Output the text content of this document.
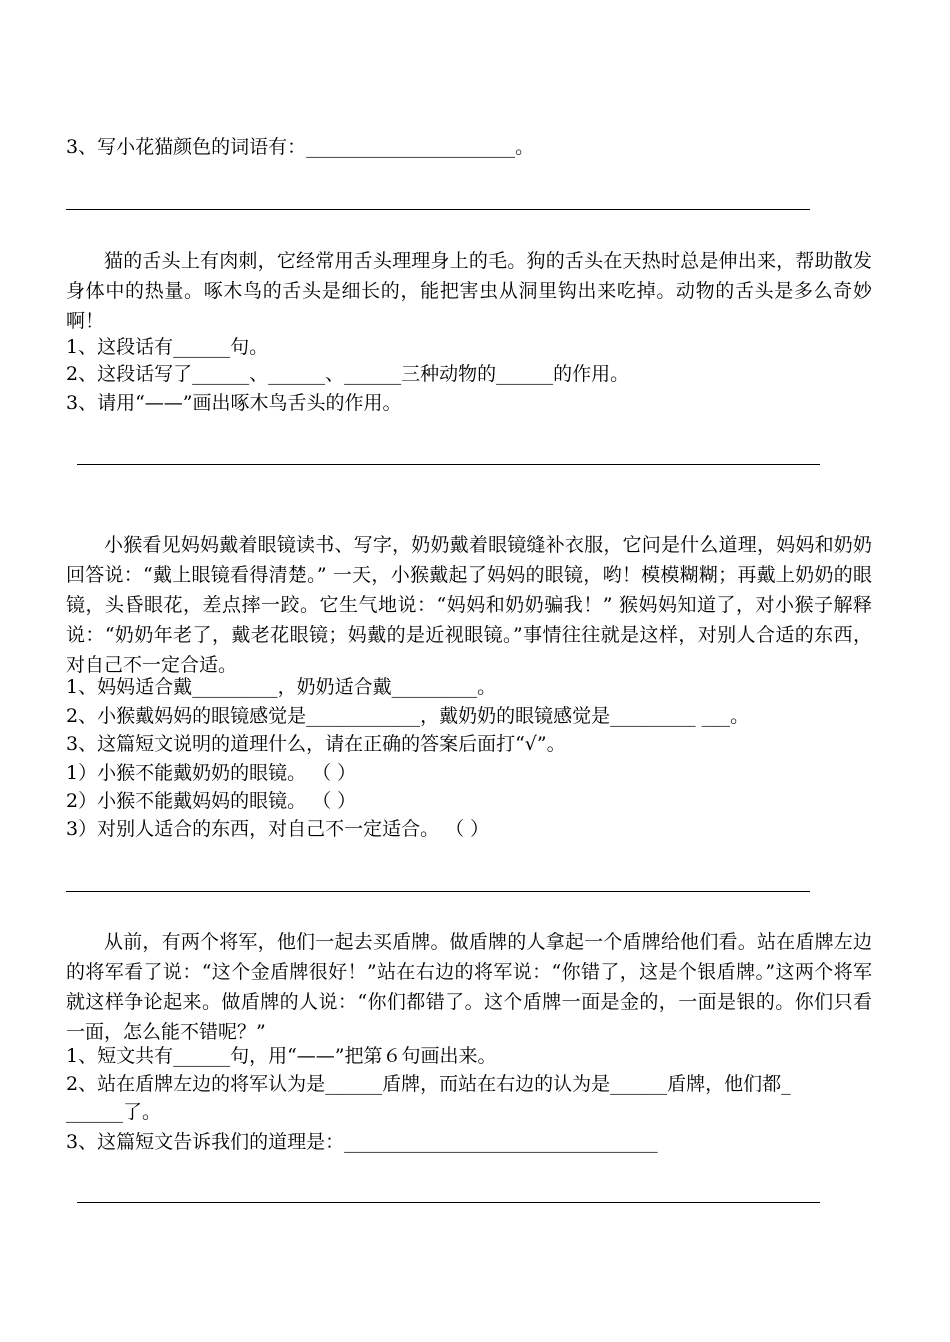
3、写小花猫颜色的词语有：______________________。
猫的舌头上有肉刺，它经常用舌头理理身上的毛。狗的舌头在天热时总是伸出来，帮助散发身体中的热量。啄木鸟的舌头是细长的，能把害虫从洞里钩出来吃掉。动物的舌头是多么奇妙啊！
1、这段话有______句。
2、这段话写了______、______、______三种动物的______的作用。
3、请用“——”画出啄木鸟舌头的作用。
小猴看见妈妈戴着眼镜读书、写字，奶奶戴着眼镜缝补衣服，它问是什么道理，妈妈和奶奶回答说：“戴上眼镜看得清楚。” 一天，小猴戴起了妈妈的眼镜，哟！模模糊糊；再戴上奶奶的眼镜，头昏眼花，差点摔一跤。它生气地说：“妈妈和奶奶骗我！” 猴妈妈知道了，对小猴子解释说：“奶奶年老了，戴老花眼镜；妈戴的是近视眼镜。”事情往往就是这样，对别人合适的东西，对自己不一定合适。
1、妈妈适合戴_________，奶奶适合戴_________。
2、小猴戴妈妈的眼镜感觉是____________，戴奶奶的眼镜感觉是_________ ___。
3、这篇短文说明的道理什么，请在正确的答案后面打“√”。
1）小猴不能戴奶奶的眼镜。 （ ）
2）小猴不能戴妈妈的眼镜。 （ ）
3）对别人适合的东西，对自己不一定适合。 （ ）
从前，有两个将军，他们一起去买盾牌。做盾牌的人拿起一个盾牌给他们看。站在盾牌左边的将军看了说：“这个金盾牌很好！”站在右边的将军说：“你错了，这是个银盾牌。”这两个将军就这样争论起来。做盾牌的人说：“你们都错了。这个盾牌一面是金的，一面是银的。你们只看一面，怎么能不错呢？”
1、短文共有______句，用“——”把第６句画出来。
2、站在盾牌左边的将军认为是______盾牌，而站在右边的认为是______盾牌，他们都_
______了。
3、这篇短文告诉我们的道理是：_________________________________
